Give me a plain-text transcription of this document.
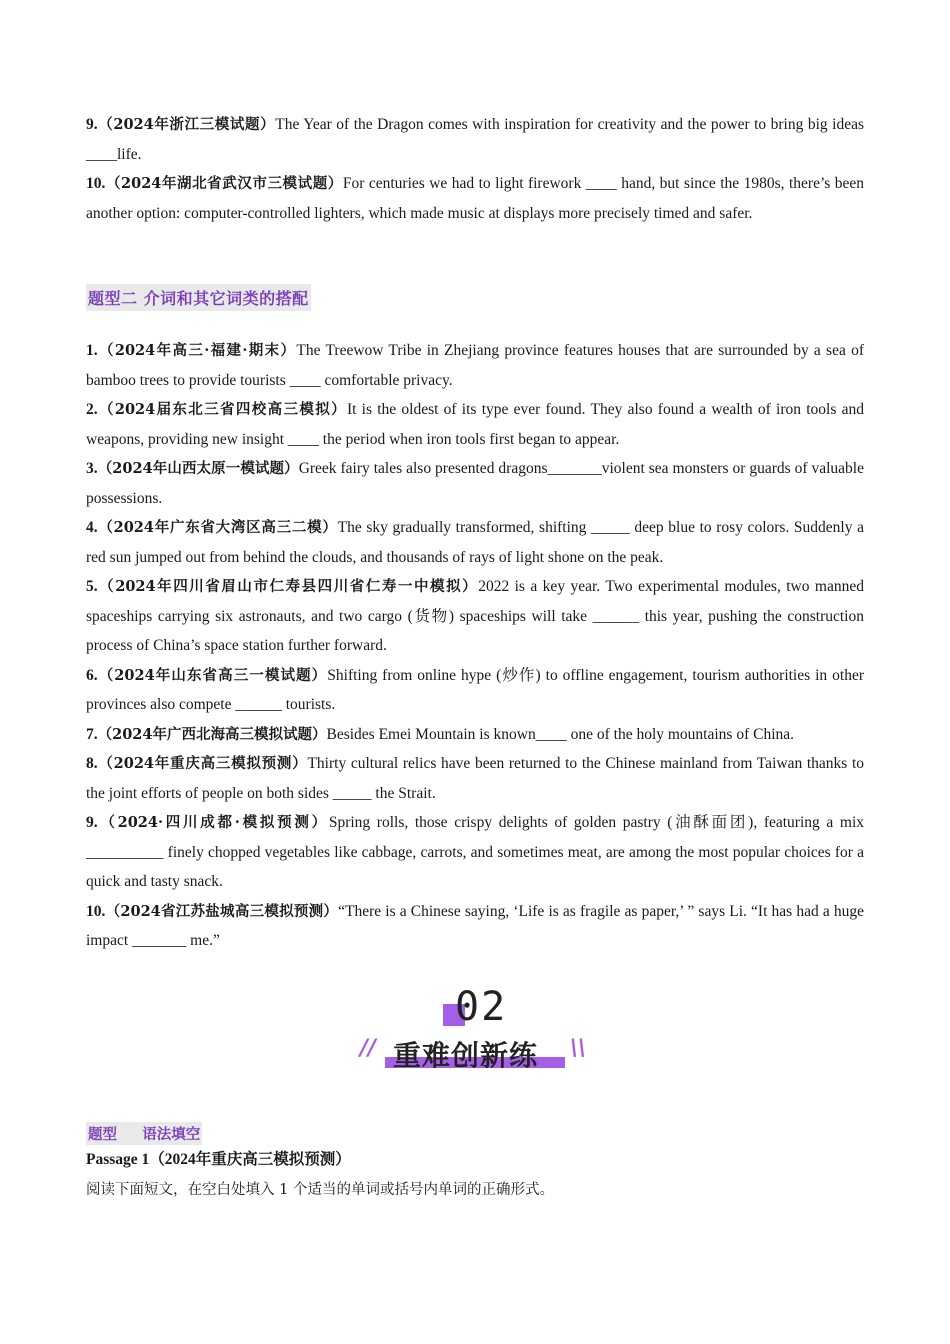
9.（2024年浙江三模试题）The Year of the Dragon comes with inspiration for creativity and the power to bring big ideas ____life.

10.（2024年湖北省武汉市三模试题）For centuries we had to light firework ____ hand, but since the 1980s, there’s been another option: computer-controlled lighters, which made music at displays more precisely timed and safer.

题型二 介词和其它词类的搭配

1.（2024年高三·福建·期末）The Treewow Tribe in Zhejiang province features houses that are surrounded by a sea of bamboo trees to provide tourists ____ comfortable privacy.

2.（2024届东北三省四校高三模拟）It is the oldest of its type ever found. They also found a wealth of iron tools and weapons, providing new insight ____ the period when iron tools first began to appear.

3.（2024年山西太原一模试题）Greek fairy tales also presented dragons_______violent sea monsters or guards of valuable possessions.

4.（2024年广东省大湾区高三二模）The sky gradually transformed, shifting _____ deep blue to rosy colors. Suddenly a red sun jumped out from behind the clouds, and thousands of rays of light shone on the peak.

5.（2024年四川省眉山市仁寿县四川省仁寿一中模拟）2022 is a key year. Two experimental modules, two manned spaceships carrying six astronauts, and two cargo (货物) spaceships will take ______ this year, pushing the construction process of China’s space station further forward.

6.（2024年山东省高三一模试题）Shifting from online hype (炒作) to offline engagement, tourism authorities in other provinces also compete ______ tourists.

7.（2024年广西北海高三模拟试题）Besides Emei Mountain is known____ one of the holy mountains of China.

8.（2024年重庆高三模拟预测）Thirty cultural relics have been returned to the Chinese mainland from Taiwan thanks to the joint efforts of people on both sides _____ the Strait.

9.（2024·四川成都·模拟预测）Spring rolls, those crispy delights of golden pastry (油酥面团), featuring a mix __________ finely chopped vegetables like cabbage, carrots, and sometimes meat, are among the most popular choices for a quick and tasty snack.

10.（2024省江苏盐城高三模拟预测）“There is a Chinese saying, ‘Life is as fragile as paper,’ ” says Li. “It has had a huge impact _______ me.”

02
// 重难创新练 \\
题型     语法填空

Passage 1（2024年重庆高三模拟预测）

阅读下面短文，在空白处填入 1 个适当的单词或括号内单词的正确形式。
